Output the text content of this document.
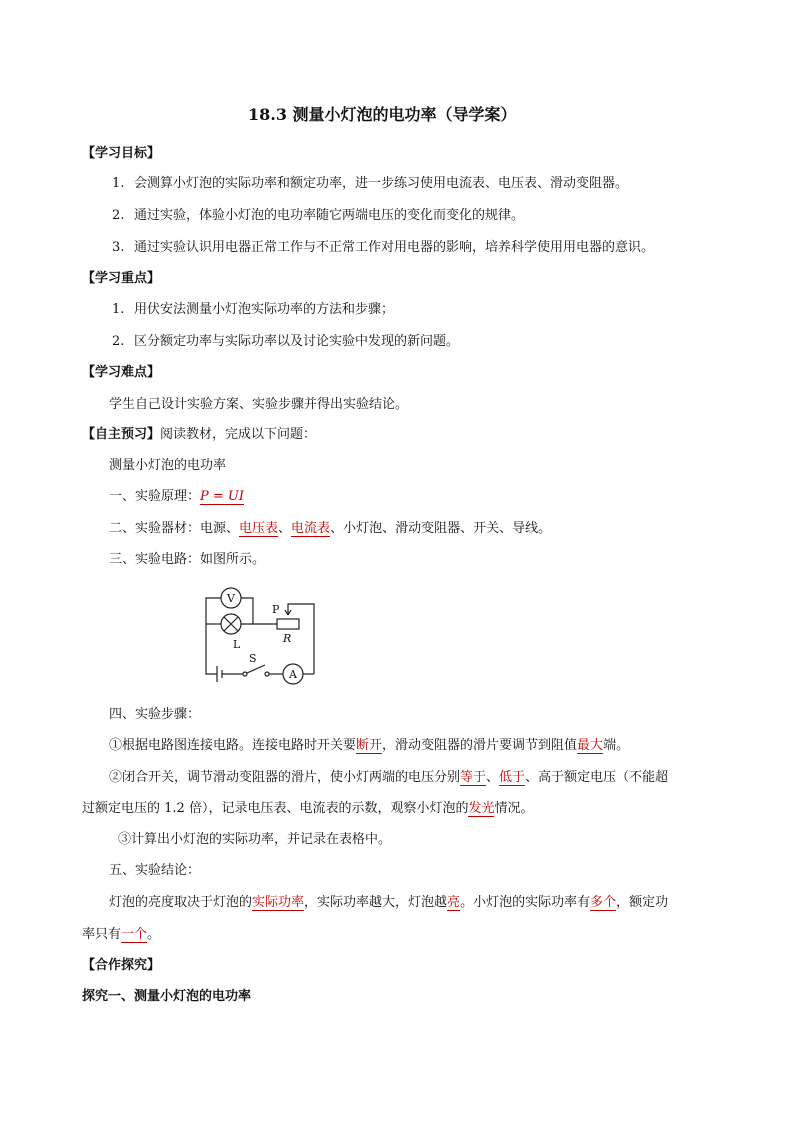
18.3 测量小灯泡的电功率（导学案）
【学习目标】
1. 会测算小灯泡的实际功率和额定功率，进一步练习使用电流表、电压表、滑动变阻器。
2. 通过实验，体验小灯泡的电功率随它两端电压的变化而变化的规律。
3. 通过实验认识用电器正常工作与不正常工作对用电器的影响，培养科学使用用电器的意识。
【学习重点】
1. 用伏安法测量小灯泡实际功率的方法和步骤；
2. 区分额定功率与实际功率以及讨论实验中发现的新问题。
【学习难点】
学生自己设计实验方案、实验步骤并得出实验结论。
【自主预习】阅读教材，完成以下问题：
测量小灯泡的电功率
一、实验原理：P = UI
二、实验器材：电源、电压表、电流表、小灯泡、滑动变阻器、开关、导线。
三、实验电路：如图所示。
V
A
L
P
R
S
四、实验步骤：
①根据电路图连接电路。连接电路时开关要断开，滑动变阻器的滑片要调节到阻值最大端。
②闭合开关，调节滑动变阻器的滑片，使小灯两端的电压分别等于、低于、高于额定电压（不能超
过额定电压的 1.2 倍），记录电压表、电流表的示数，观察小灯泡的发光情况。
③计算出小灯泡的实际功率，并记录在表格中。
五、实验结论：
灯泡的亮度取决于灯泡的实际功率，实际功率越大，灯泡越亮。小灯泡的实际功率有多个，额定功
率只有一个。
【合作探究】
探究一、测量小灯泡的电功率
